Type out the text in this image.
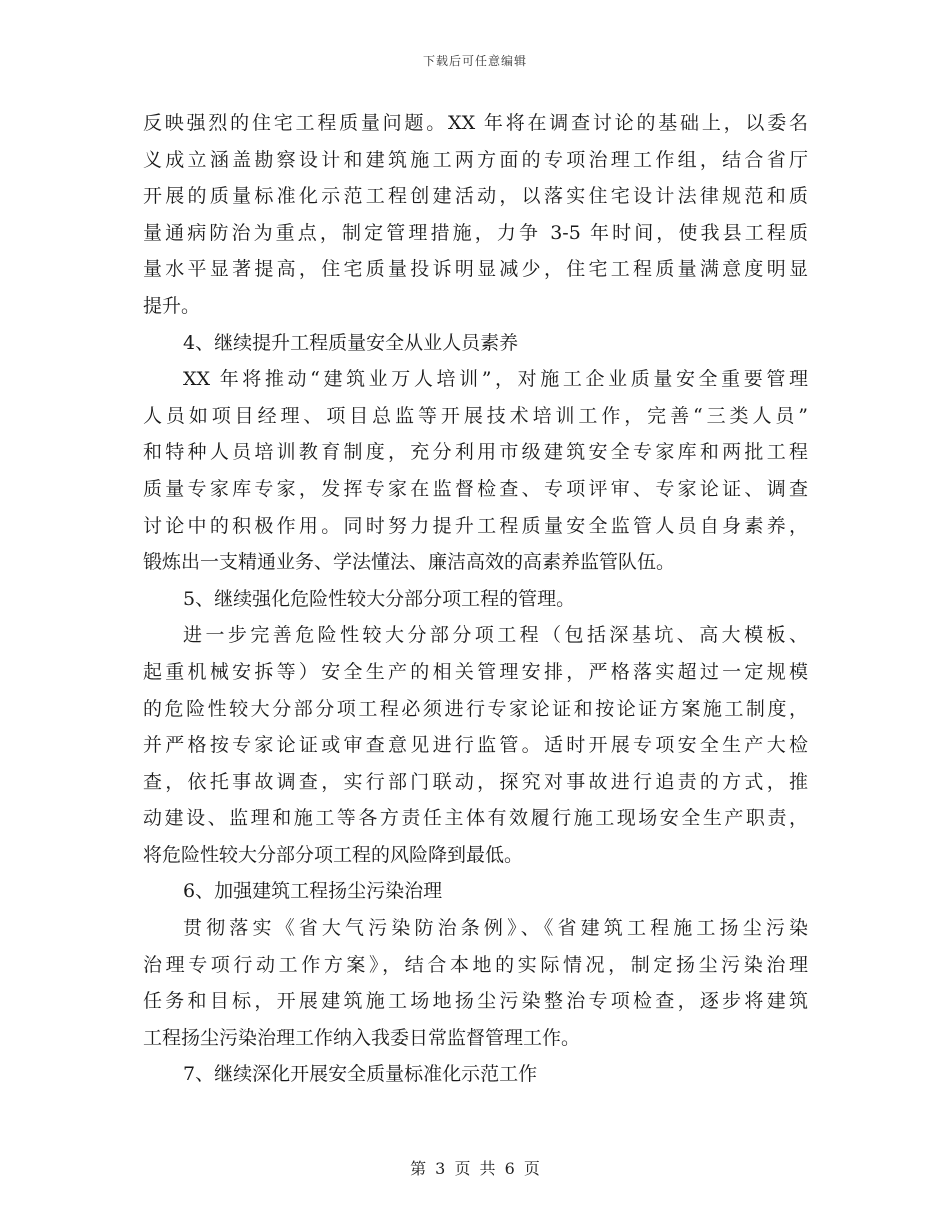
下载后可任意编辑
反映强烈的住宅工程质量问题。XX 年将在调查讨论的基础上，以委名
义成立涵盖勘察设计和建筑施工两方面的专项治理工作组，结合省厅
开展的质量标准化示范工程创建活动，以落实住宅设计法律规范和质
量通病防治为重点，制定管理措施，力争 3-5 年时间，使我县工程质
量水平显著提高，住宅质量投诉明显减少，住宅工程质量满意度明显
提升。
4、继续提升工程质量安全从业人员素养
XX 年将推动“建筑业万人培训”，对施工企业质量安全重要管理
人员如项目经理、项目总监等开展技术培训工作，完善“三类人员”
和特种人员培训教育制度，充分利用市级建筑安全专家库和两批工程
质量专家库专家，发挥专家在监督检查、专项评审、专家论证、调查
讨论中的积极作用。同时努力提升工程质量安全监管人员自身素养，
锻炼出一支精通业务、学法懂法、廉洁高效的高素养监管队伍。
5、继续强化危险性较大分部分项工程的管理。
进一步完善危险性较大分部分项工程（包括深基坑、高大模板、
起重机械安拆等）安全生产的相关管理安排，严格落实超过一定规模
的危险性较大分部分项工程必须进行专家论证和按论证方案施工制度，
并严格按专家论证或审查意见进行监管。适时开展专项安全生产大检
查，依托事故调查，实行部门联动，探究对事故进行追责的方式，推
动建设、监理和施工等各方责任主体有效履行施工现场安全生产职责，
将危险性较大分部分项工程的风险降到最低。
6、加强建筑工程扬尘污染治理
贯彻落实《省大气污染防治条例》、《省建筑工程施工扬尘污染
治理专项行动工作方案》，结合本地的实际情况，制定扬尘污染治理
任务和目标，开展建筑施工场地扬尘污染整治专项检查，逐步将建筑
工程扬尘污染治理工作纳入我委日常监督管理工作。
7、继续深化开展安全质量标准化示范工作
第 3 页 共 6 页
